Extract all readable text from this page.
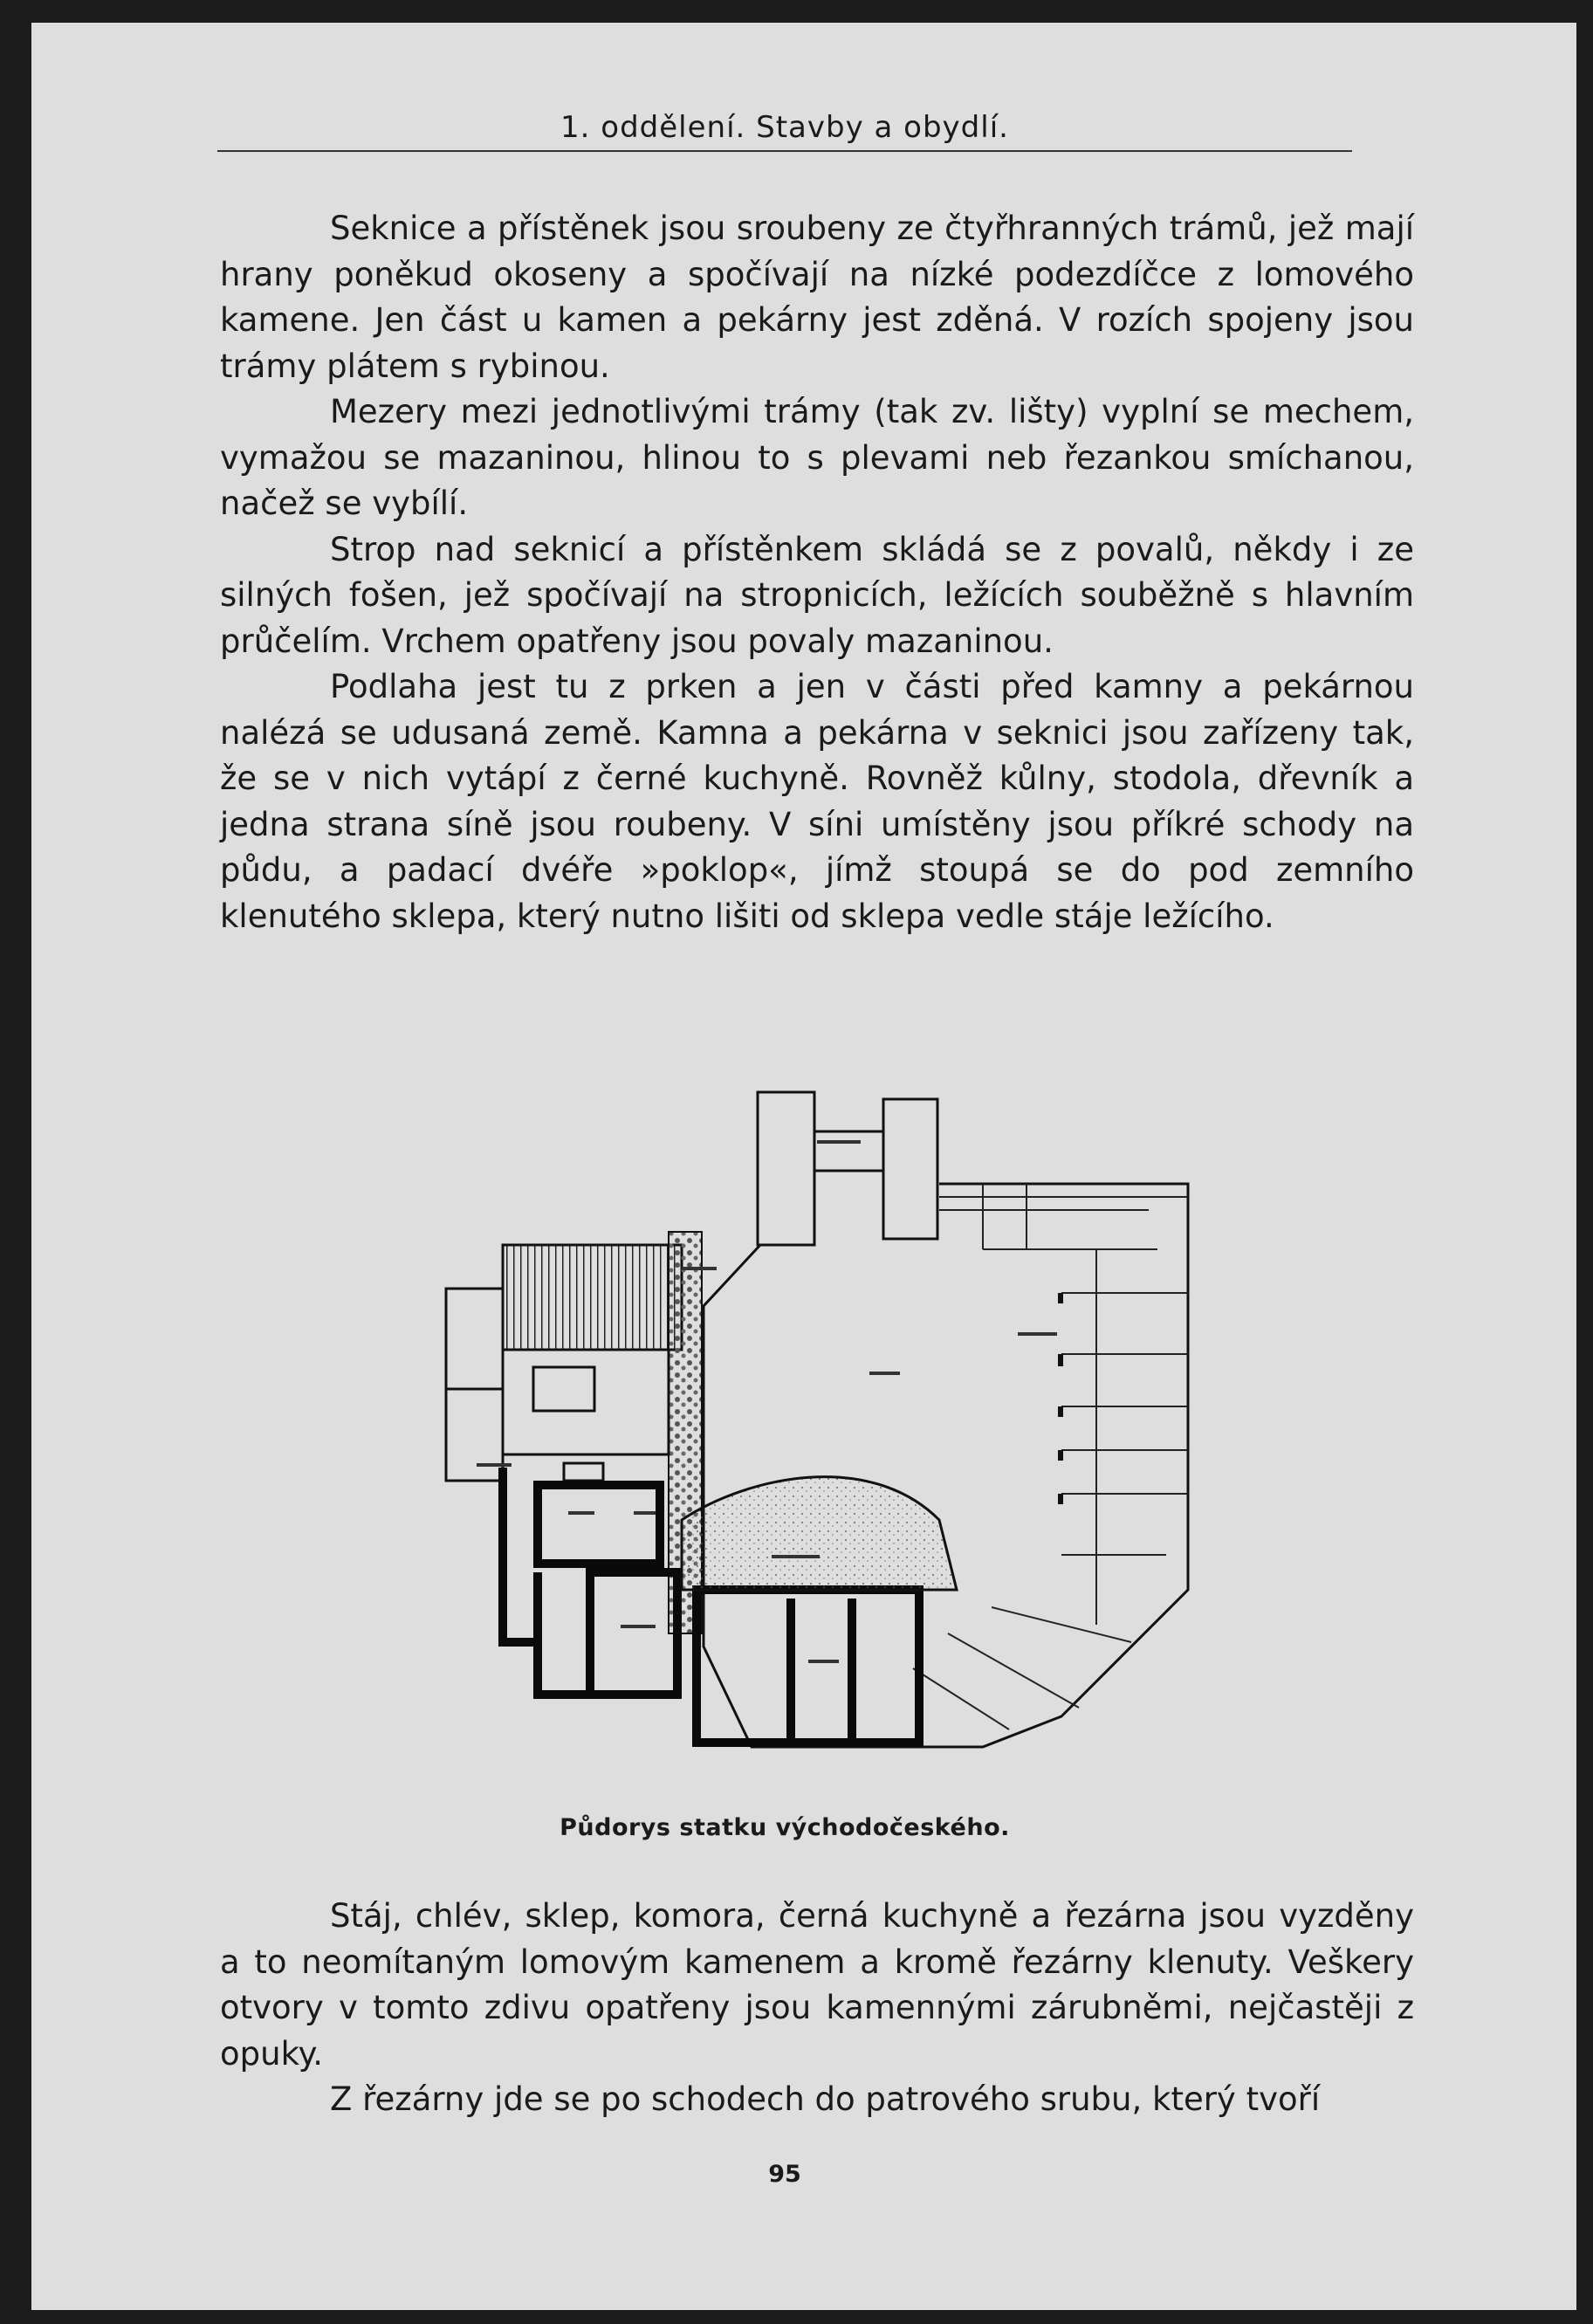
1. oddělení. Stavby a obydlí.

Seknice a přístěnek jsou sroubeny ze čtyřhranných trámů, jež mají hrany poněkud okoseny a spočívají na nízké podezdíčce z lomového kamene. Jen část u kamen a pekárny jest zděná. V rozích spojeny jsou trámy plátem s rybinou.

Mezery mezi jednotlivými trámy (tak zv. lišty) vyplní se mechem, vymažou se mazaninou, hlinou to s plevami neb řezankou smíchanou, načež se vybílí.

Strop nad seknicí a přístěnkem skládá se z povalů, někdy i ze silných fošen, jež spočívají na stropnicích, ležících souběžně s hlavním průčelím. Vrchem opatřeny jsou povaly mazaninou.

Podlaha jest tu z prken a jen v části před kamny a pekárnou nalézá se udusaná země. Kamna a pekárna v seknici jsou zařízeny tak, že se v nich vytápí z černé kuchyně. Rovněž kůlny, stodola, dřevník a jedna strana síně jsou roubeny. V síni umístěny jsou příkré schody na půdu, a padací dvéře »poklop«, jímž stoupá se do pod zemního klenutého sklepa, který nutno lišiti od sklepa vedle stáje ležícího.

Půdorys statku východočeského.

Stáj, chlév, sklep, komora, černá kuchyně a řezárna jsou vyzděny a to neomítaným lomovým kamenem a kromě řezárny klenuty. Veškery otvory v tomto zdivu opatřeny jsou kamennými zárubněmi, nejčastěji z opuky.

Z řezárny jde se po schodech do patrového srubu, který tvoří

95
